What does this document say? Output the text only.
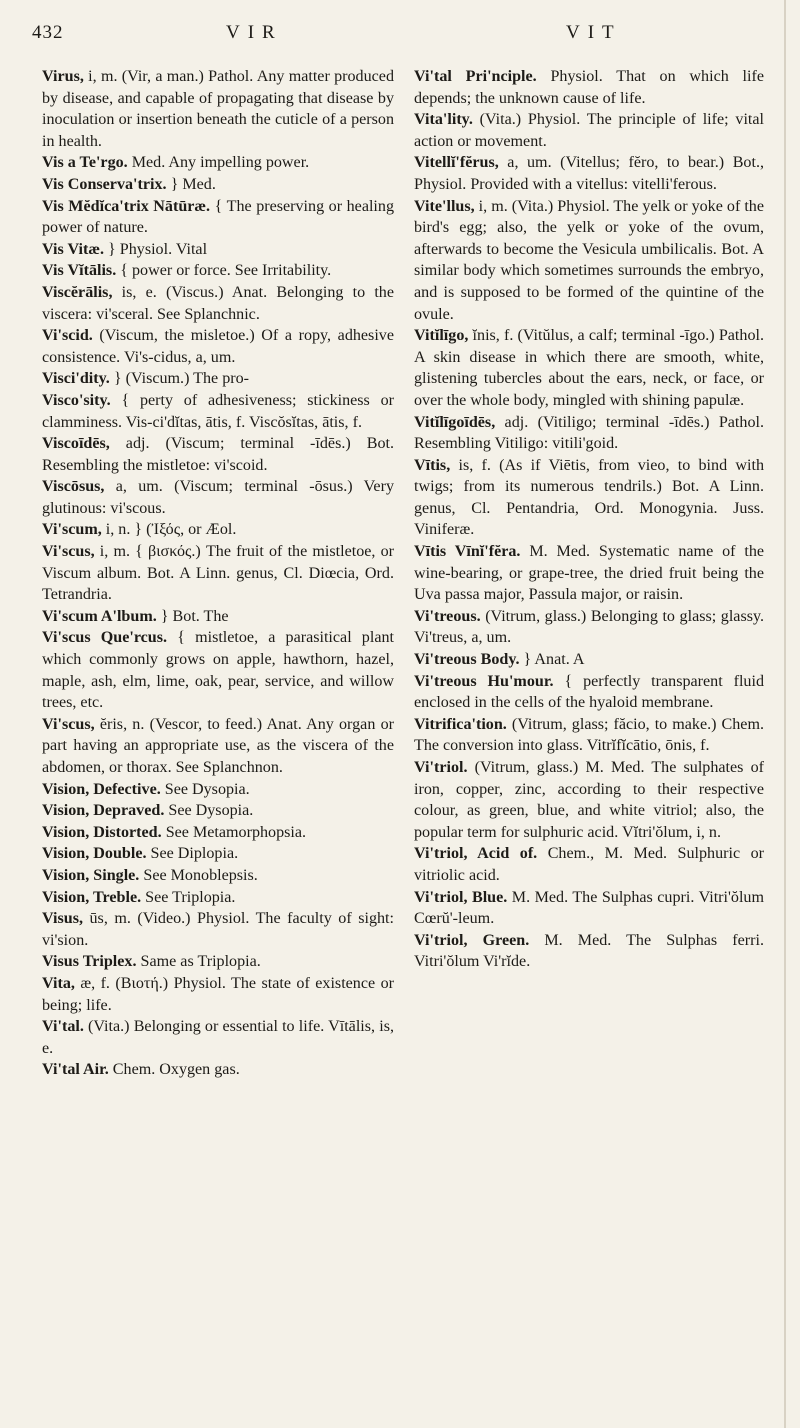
432	VIR	VIT

Virus, i, m. (Vir, a man.) Pathol. Any matter produced by disease, and capable of propagating that disease by inoculation or insertion beneath the cuticle of a person in health.

Vis a Te'rgo. Med. Any impelling power.

Vis Conserva'trix. } Med.

Vis Mĕdĭca'trix Nātūræ. { The preserving or healing power of nature.

Vis Vitæ. } Physiol. Vital

Vis Vĭtālis. { power or force. See Irritability.

Viscĕrālis, is, e. (Viscus.) Anat. Belonging to the viscera: vi'sceral. See Splanchnic.

Vi'scid. (Viscum, the misletoe.) Of a ropy, adhesive consistence. Vi's-cidus, a, um.

Visci'dity. } (Viscum.) The pro-

Visco'sity. { perty of adhesiveness; stickiness or clamminess. Vis-ci'dĭtas, ātis, f. Viscŏsĭtas, ātis, f.

Viscoīdēs, adj. (Viscum; terminal -īdēs.) Bot. Resembling the mistletoe: vi'scoid.

Viscōsus, a, um. (Viscum; terminal -ōsus.) Very glutinous: vi'scous.

Vi'scum, i, n. } (Ἰξός, or Æol.

Vi'scus, i, m. { βισκός.) The fruit of the mistletoe, or Viscum album. Bot. A Linn. genus, Cl. Diœcia, Ord. Tetrandria.

Vi'scum A'lbum. } Bot. The

Vi'scus Que'rcus. { mistletoe, a parasitical plant which commonly grows on apple, hawthorn, hazel, maple, ash, elm, lime, oak, pear, service, and willow trees, etc.

Vi'scus, ĕris, n. (Vescor, to feed.) Anat. Any organ or part having an appropriate use, as the viscera of the abdomen, or thorax. See Splanchnon.

Vision, Defective. See Dysopia.

Vision, Depraved. See Dysopia.

Vision, Distorted. See Metamorphopsia.

Vision, Double. See Diplopia.

Vision, Single. See Monoblepsis.

Vision, Treble. See Triplopia.

Visus, ūs, m. (Video.) Physiol. The faculty of sight: vi'sion.

Visus Triplex. Same as Triplopia.

Vita, æ, f. (Βιοτή.) Physiol. The state of existence or being; life.

Vi'tal. (Vita.) Belonging or essential to life. Vītālis, is, e.

Vi'tal Air. Chem. Oxygen gas.

Vi'tal Pri'nciple. Physiol. That on which life depends; the unknown cause of life.

Vita'lity. (Vita.) Physiol. The principle of life; vital action or movement.

Vitellĭ'fĕrus, a, um. (Vitellus; fĕro, to bear.) Bot., Physiol. Provided with a vitellus: vitelli'ferous.

Vite'llus, i, m. (Vita.) Physiol. The yelk or yoke of the bird's egg; also, the yelk or yoke of the ovum, afterwards to become the Vesicula umbilicalis. Bot. A similar body which sometimes surrounds the embryo, and is supposed to be formed of the quintine of the ovule.

Vitĭlīgo, ĭnis, f. (Vitŭlus, a calf; terminal -īgo.) Pathol. A skin disease in which there are smooth, white, glistening tubercles about the ears, neck, or face, or over the whole body, mingled with shining papulæ.

Vitĭlīgoīdēs, adj. (Vitiligo; terminal -īdēs.) Pathol. Resembling Vitiligo: vitili'goid.

Vītis, is, f. (As if Viētis, from vieo, to bind with twigs; from its numerous tendrils.) Bot. A Linn. genus, Cl. Pentandria, Ord. Monogynia. Juss. Viniferæ.

Vītis Vīnĭ'fĕra. M. Med. Systematic name of the wine-bearing, or grape-tree, the dried fruit being the Uva passa major, Passula major, or raisin.

Vi'treous. (Vitrum, glass.) Belonging to glass; glassy. Vi'treus, a, um.

Vi'treous Body. } Anat. A

Vi'treous Hu'mour. { perfectly transparent fluid enclosed in the cells of the hyaloid membrane.

Vitrifica'tion. (Vitrum, glass; făcio, to make.) Chem. The conversion into glass. Vitrĭfĭcātio, ōnis, f.

Vi'triol. (Vitrum, glass.) M. Med. The sulphates of iron, copper, zinc, according to their respective colour, as green, blue, and white vitriol; also, the popular term for sulphuric acid. Vĭtri'ŏlum, i, n.

Vi'triol, Acid of. Chem., M. Med. Sulphuric or vitriolic acid.

Vi'triol, Blue. M. Med. The Sulphas cupri. Vitri'ŏlum Cœrŭ'-leum.

Vi'triol, Green. M. Med. The Sulphas ferri. Vitri'ŏlum Vi'rĭde.
